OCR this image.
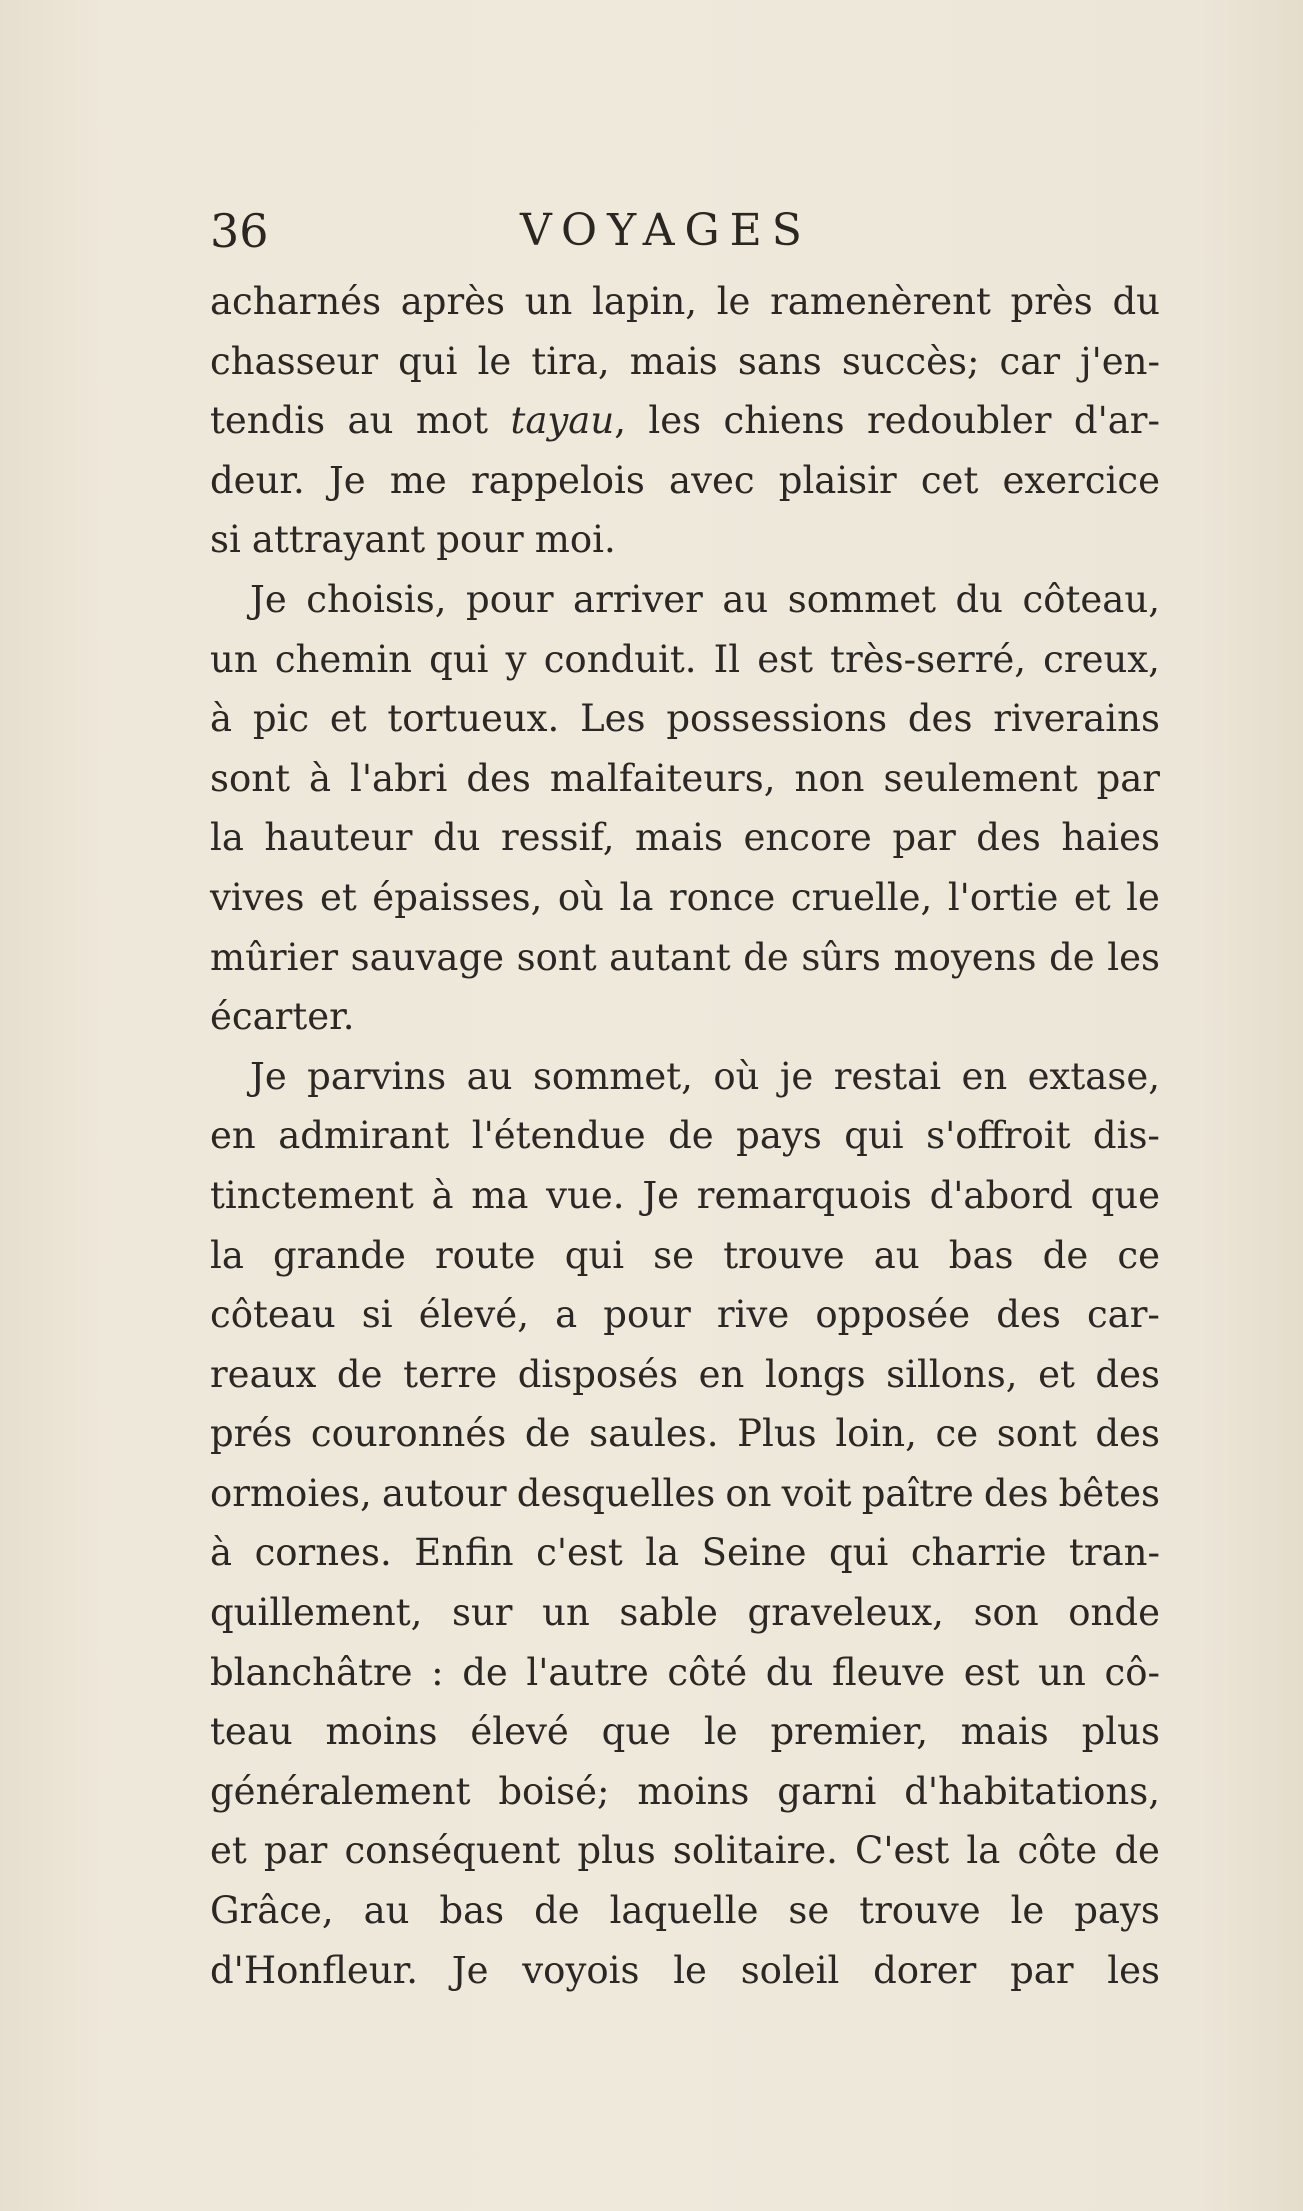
36	VOYAGES
acharnés après un lapin, le ramenèrent près du
chasseur qui le tira, mais sans succès; car j'en-
tendis au mot tayau, les chiens redoubler d'ar-
deur. Je me rappelois avec plaisir cet exercice
si attrayant pour moi.
Je choisis, pour arriver au sommet du côteau,
un chemin qui y conduit. Il est très-serré, creux,
à pic et tortueux. Les possessions des riverains
sont à l'abri des malfaiteurs, non seulement par
la hauteur du ressif, mais encore par des haies
vives et épaisses, où la ronce cruelle, l'ortie et le
mûrier sauvage sont autant de sûrs moyens de les
écarter.
Je parvins au sommet, où je restai en extase,
en admirant l'étendue de pays qui s'offroit dis-
tinctement à ma vue. Je remarquois d'abord que
la grande route qui se trouve au bas de ce
côteau si élevé, a pour rive opposée des car-
reaux de terre disposés en longs sillons, et des
prés couronnés de saules. Plus loin, ce sont des
ormoies, autour desquelles on voit paître des bêtes
à cornes. Enfin c'est la Seine qui charrie tran-
quillement, sur un sable graveleux, son onde
blanchâtre : de l'autre côté du fleuve est un cô-
teau moins élevé que le premier, mais plus
généralement boisé; moins garni d'habitations,
et par conséquent plus solitaire. C'est la côte de
Grâce, au bas de laquelle se trouve le pays
d'Honfleur. Je voyois le soleil dorer par les
